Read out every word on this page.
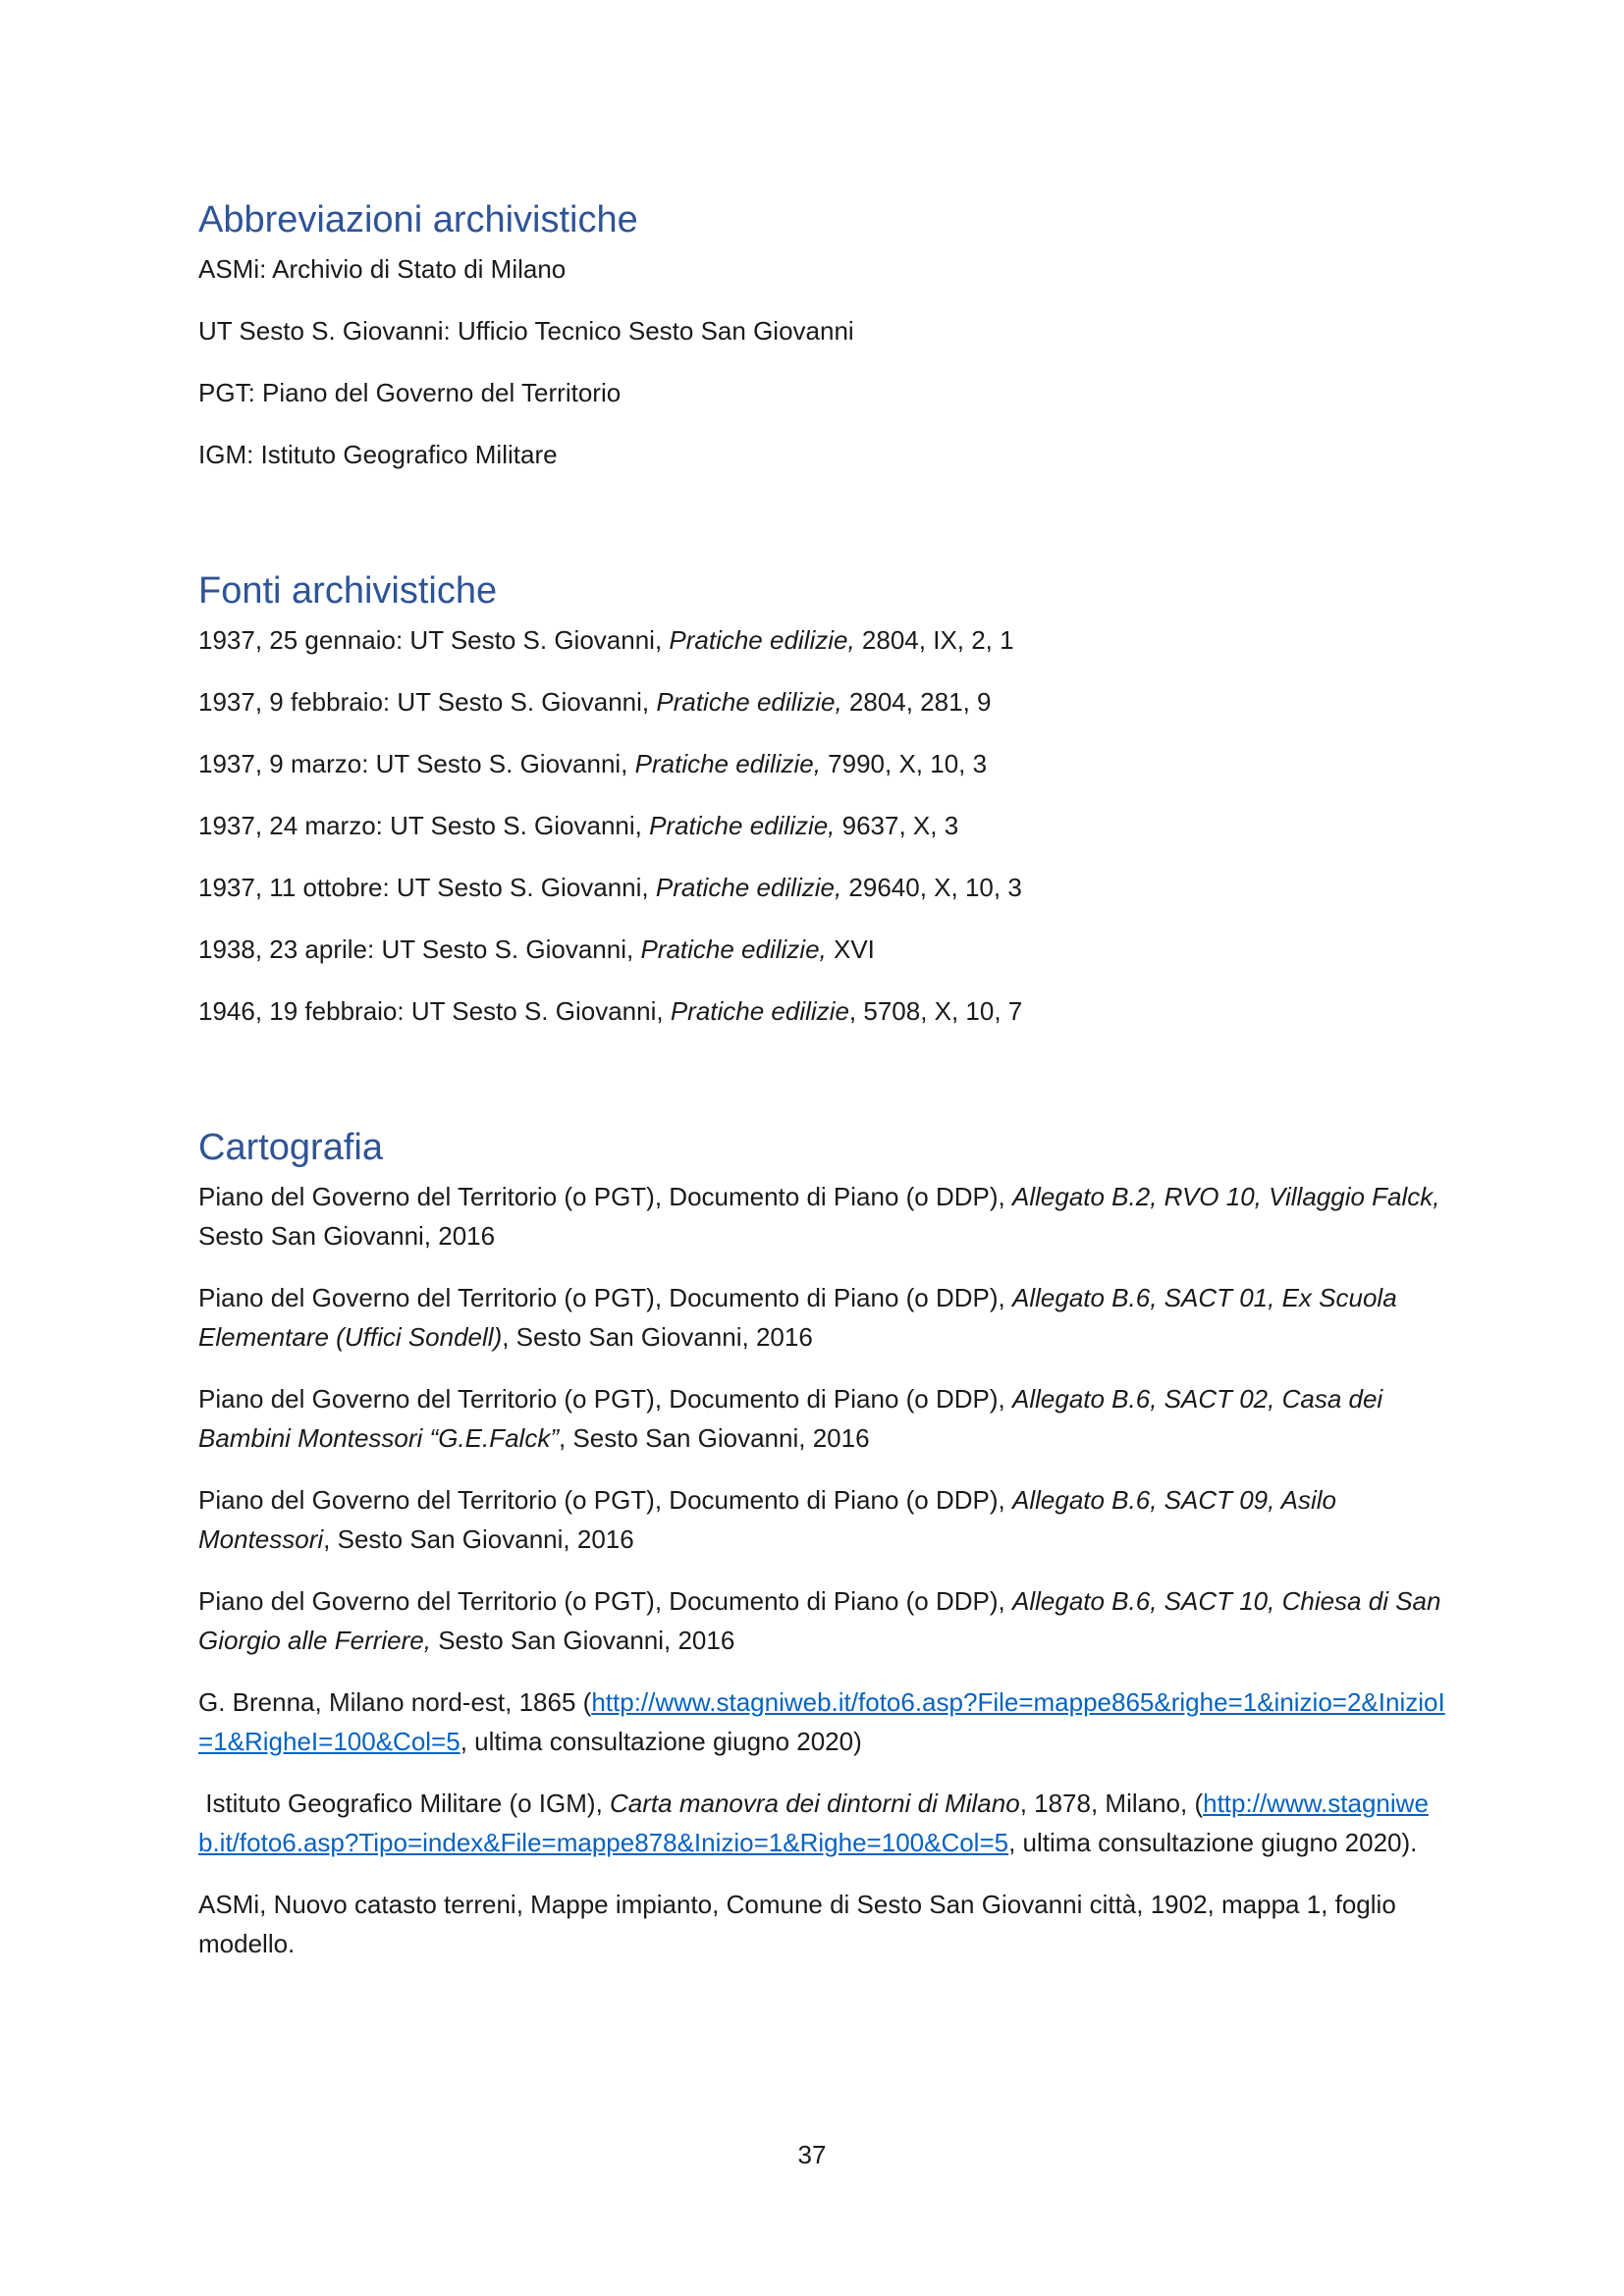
Abbreviazioni archivistiche

ASMi: Archivio di Stato di Milano

UT Sesto S. Giovanni: Ufficio Tecnico Sesto San Giovanni

PGT: Piano del Governo del Territorio

IGM: Istituto Geografico Militare

Fonti archivistiche

1937, 25 gennaio: UT Sesto S. Giovanni, Pratiche edilizie, 2804, IX, 2, 1

1937, 9 febbraio: UT Sesto S. Giovanni, Pratiche edilizie, 2804, 281, 9

1937, 9 marzo: UT Sesto S. Giovanni, Pratiche edilizie, 7990, X, 10, 3

1937, 24 marzo: UT Sesto S. Giovanni, Pratiche edilizie, 9637, X, 3

1937, 11 ottobre: UT Sesto S. Giovanni, Pratiche edilizie, 29640, X, 10, 3

1938, 23 aprile: UT Sesto S. Giovanni, Pratiche edilizie, XVI

1946, 19 febbraio: UT Sesto S. Giovanni, Pratiche edilizie, 5708, X, 10, 7

Cartografia

Piano del Governo del Territorio (o PGT), Documento di Piano (o DDP), Allegato B.2, RVO 10, Villaggio Falck, Sesto San Giovanni, 2016

Piano del Governo del Territorio (o PGT), Documento di Piano (o DDP), Allegato B.6, SACT 01, Ex Scuola Elementare (Uffici Sondell), Sesto San Giovanni, 2016

Piano del Governo del Territorio (o PGT), Documento di Piano (o DDP), Allegato B.6, SACT 02, Casa dei Bambini Montessori “G.E.Falck”, Sesto San Giovanni, 2016

Piano del Governo del Territorio (o PGT), Documento di Piano (o DDP), Allegato B.6, SACT 09, Asilo Montessori, Sesto San Giovanni, 2016

Piano del Governo del Territorio (o PGT), Documento di Piano (o DDP), Allegato B.6, SACT 10, Chiesa di San Giorgio alle Ferriere, Sesto San Giovanni, 2016

G. Brenna, Milano nord-est, 1865 (http://www.stagniweb.it/foto6.asp?File=mappe865&righe=1&inizio=2&InizioI=1&RigheI=100&Col=5, ultima consultazione giugno 2020)

Istituto Geografico Militare (o IGM), Carta manovra dei dintorni di Milano, 1878, Milano, (http://www.stagniweb.it/foto6.asp?Tipo=index&File=mappe878&Inizio=1&Righe=100&Col=5, ultima consultazione giugno 2020).

ASMi, Nuovo catasto terreni, Mappe impianto, Comune di Sesto San Giovanni città, 1902, mappa 1, foglio modello.

37
